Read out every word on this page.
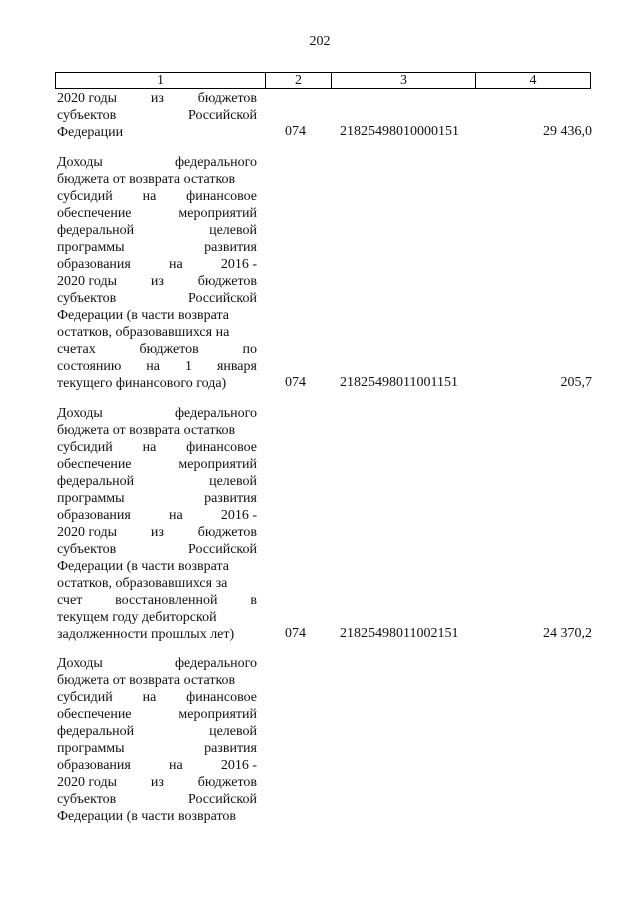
202
1	2	3	4
2020 годы из бюджетов
субъектов	Российской
Федерации	074	21825498010000151	29 436,0
Доходы	федерального
бюджета от возврата остатков
субсидий на финансовое
обеспечение	мероприятий
федеральной	целевой
программы	развития
образования	на	2016 -
2020 годы из бюджетов
субъектов	Российской
Федерации (в части возврата
остатков, образовавшихся на
счетах	бюджетов	по
состоянию на 1 января
текущего финансового года)	074	21825498011001151	205,7
Доходы	федерального
бюджета от возврата остатков
субсидий на финансовое
обеспечение	мероприятий
федеральной	целевой
программы	развития
образования	на	2016 -
2020 годы из бюджетов
субъектов	Российской
Федерации (в части возврата
остатков, образовавшихся за
счет восстановленной в
текущем году дебиторской
задолженности прошлых лет)	074	21825498011002151	24 370,2
Доходы	федерального
бюджета от возврата остатков
субсидий на финансовое
обеспечение	мероприятий
федеральной	целевой
программы	развития
образования	на	2016 -
2020 годы из бюджетов
субъектов	Российской
Федерации (в части возвратов
